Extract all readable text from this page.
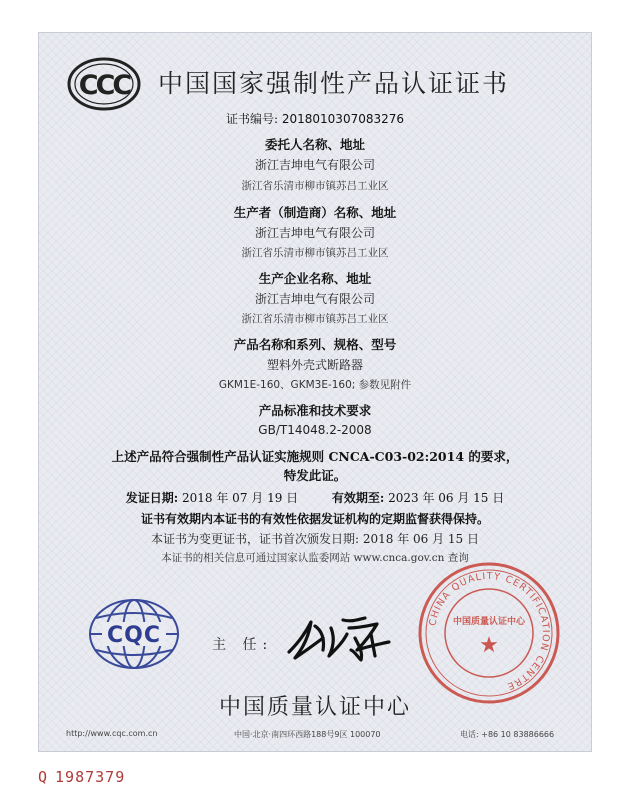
CCC 中国国家强制性产品认证证书
证书编号: 2018010307083276
委托人名称、地址
浙江吉坤电气有限公司
浙江省乐清市柳市镇苏吕工业区
生产者（制造商）名称、地址
浙江吉坤电气有限公司
浙江省乐清市柳市镇苏吕工业区
生产企业名称、地址
浙江吉坤电气有限公司
浙江省乐清市柳市镇苏吕工业区
产品名称和系列、规格、型号
塑料外壳式断路器
GKM1E-160、GKM3E-160; 参数见附件
产品标准和技术要求
GB/T14048.2-2008
上述产品符合强制性产品认证实施规则 CNCA-C03-02:2014 的要求，
特发此证。
发证日期: 2018 年 07 月 19 日	有效期至: 2023 年 06 月 15 日
证书有效期内本证书的有效性依据发证机构的定期监督获得保持。
本证书为变更证书，证书首次颁发日期: 2018 年 06 月 15 日
本证书的相关信息可通过国家认监委网站 www.cnca.gov.cn 查询
CQC	主 任:
CHINA QUALITY CERTIFICATION CENTRE
中国质量认证中心
★
中国质量认证中心
http://www.cqc.com.cn	中国·北京·南四环西路188号9区 100070	电话: +86 10 83886666
Q 1987379
